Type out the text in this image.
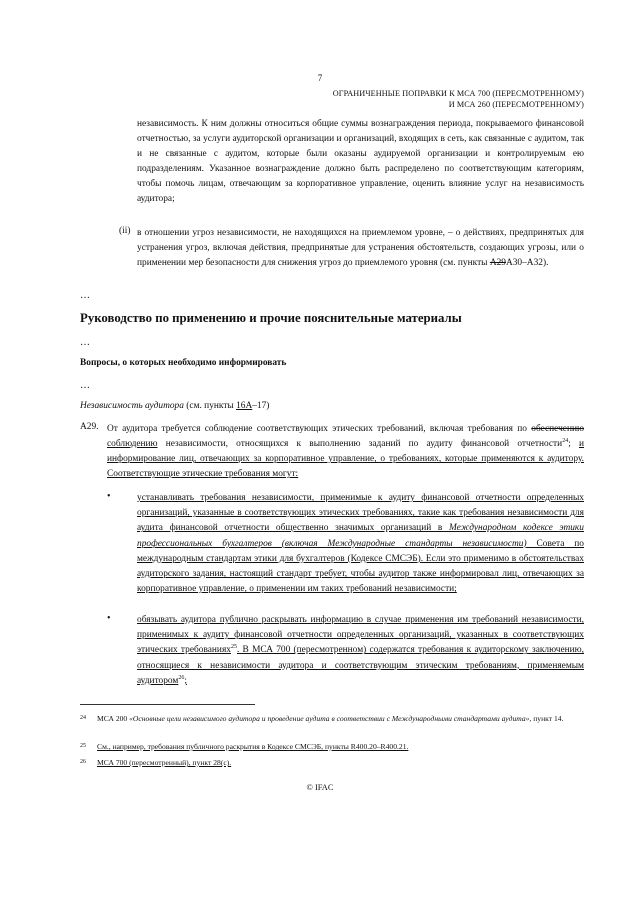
7
ОГРАНИЧЕННЫЕ ПОПРАВКИ К МСА 700 (ПЕРЕСМОТРЕННОМУ)
И МСА 260 (ПЕРЕСМОТРЕННОМУ)
независимость. К ним должны относиться общие суммы вознаграждения периода, покрываемого финансовой отчетностью, за услуги аудиторской организации и организаций, входящих в сеть, как связанные с аудитом, так и не связанные с аудитом, которые были оказаны аудируемой организации и контролируемым ею подразделениям. Указанное вознаграждение должно быть распределено по соответствующим категориям, чтобы помочь лицам, отвечающим за корпоративное управление, оценить влияние услуг на независимость аудитора;
(ii) в отношении угроз независимости, не находящихся на приемлемом уровне, – о действиях, предпринятых для устранения угроз, включая действия, предпринятые для устранения обстоятельств, создающих угрозы, или о применении мер безопасности для снижения угроз до приемлемого уровня (см. пункты А29А30–А32).
…
Руководство по применению и прочие пояснительные материалы
…
Вопросы, о которых необходимо информировать
…
Независимость аудитора (см. пункты 16А–17)
А29. От аудитора требуется соблюдение соответствующих этических требований, включая требования по обеспечению соблюдению независимости, относящихся к выполнению заданий по аудиту финансовой отчетности$^{24}$; и информирование лиц, отвечающих за корпоративное управление, о требованиях, которые применяются к аудитору. Соответствующие этические требования могут:
•	устанавливать требования независимости, применимые к аудиту финансовой отчетности определенных организаций, указанные в соответствующих этических требованиях, такие как требования независимости для аудита финансовой отчетности общественно значимых организаций в Международном кодексе этики профессиональных бухгалтеров (включая Международные стандарты независимости) Совета по международным стандартам этики для бухгалтеров (Кодексе СМСЭБ). Если это применимо в обстоятельствах аудиторского задания, настоящий стандарт требует, чтобы аудитор также информировал лиц, отвечающих за корпоративное управление, о применении им таких требований независимости;
•	обязывать аудитора публично раскрывать информацию в случае применения им требований независимости, применимых к аудиту финансовой отчетности определенных организаций, указанных в соответствующих этических требованиях$^{25}$. В МСА 700 (пересмотренном) содержатся требования к аудиторскому заключению, относящиеся к независимости аудитора и соответствующим этическим требованиям, применяемым аудитором$^{26}$;
24 МСА 200 «Основные цели независимого аудитора и проведение аудита в соответствии с Международными стандартами аудита», пункт 14.
25 См., например, требования публичного раскрытия в Кодексе СМСЭБ, пункты R400.20–R400.21.
26 МСА 700 (пересмотренный), пункт 28(с).
© IFAC
